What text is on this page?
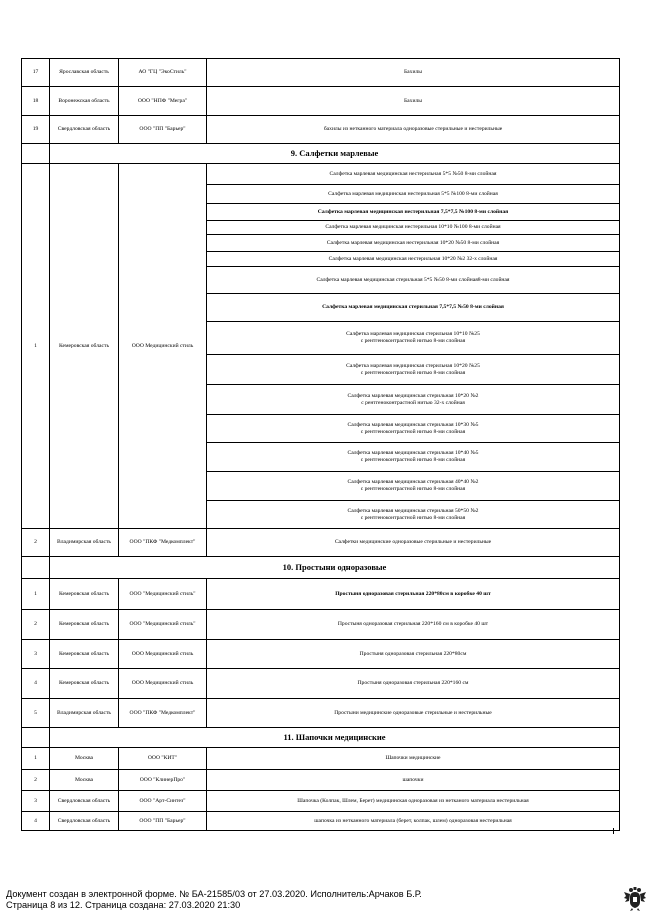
17	Ярославская область	АО "ГЦ "ЭкоСтиль"	Бахилы
18	Воронежская область	ООО "НПФ "Мегра"	Бахилы
19	Свердловская область	ООО "ПП "Барьер"	бахилы из нетканного материала одноразовые стерильные и нестерильные
	9. Салфетки марлевые		
1	Кемеровская область	ООО Медицинский стиль	Салфетка марлевая медицинская нестерильная 5*5 №50 8-ми слойная
			Салфетка марлевая медицинская нестерильная 5*5 №100 8-ми слойная
			Салфетка марлевая медицинская нестерильная 7,5*7,5 №100 8-ми слойная
			Салфетка марлевая медицинская нестерильная 10*10 №100 8-ми слойная
			Салфетка марлевая медицинская нестерильная 10*20 №50 8-ми слойная
			Салфетка марлевая медицинская нестерильная 10*20 №2 32-х слойная
			Салфетка марлевая медицинская стерильная 5*5 №50 8-ми слойная8-ми слойная
			Салфетка марлевая медицинская стерильная 7,5*7,5 №50 8-ми слойная
			Салфетка марлевая медицинская стерильная 10*10 №25
с рентгеноконтрастной нитью 8-ми слойная
			Салфетка марлевая медицинская стерильная 10*20 №25
с рентгеноконтрастной нитью 8-ми слойная
			Салфетка марлевая медицинская стерильная 10*20 №2
с рентгеноконтрастной нитью 32-х слойная
			Салфетка марлевая медицинская стерильная 10*30 №5
с рентгеноконтрастной нитью 8-ми слойная
			Салфетка марлевая медицинская стерильная 10*40 №5
с рентгеноконтрастной нитью 8-ми слойная
			Салфетка марлевая медицинская стерильная 40*40 №2
с рентгеноконтрастной нитью 8-ми слойная
			Салфетка марлевая медицинская стерильная 50*50 №2
с рентгеноконтрастной нитью 8-ми слойная
2	Владимирская область	ООО "ПКФ "Медкомплект"	Салфетки медицинские одноразовые стерильные и нестерильные
	10. Простыни одноразовые		
1	Кемеровская область	ООО "Медицинский стиль"	Простыня одноразовая стерильная 220*80см в коробке 40 шт
2	Кемеровская область	ООО "Медицинский стиль"	Простыня одноразовая стерильная 220*160 см в коробке 40 шт
3	Кемеровская область	ООО Медицинский стиль	Простыня одноразовая стерильная 220*80см
4	Кемеровская область	ООО Медицинский стиль	Простыня одноразовая стерильная 220*160 см
5	Владимирская область	ООО "ПКФ "Медкомплект"	Простыни медицинские одноразовые стерильные и нестерильные
	11. Шапочки медицинские		
1	Москва	ООО "КИТ"	Шапочки медицинские
2	Москва	ООО "КлинерПро"	шапочки
3	Свердловская область	ООО "Арт-Синтез"	Шапочка (Колпак, Шлем, Берет) медицинская одноразовая из нетканого материала нестерильная
4	Свердловская область	ООО "ПП "Барьер"	шапочка из нетканного материала (берет, колпак, шлем) одноразовая нестерильная
Документ создан в электронной форме. № БА-21585/03 от 27.03.2020. Исполнитель:Арчаков Б.Р.
Страница 8 из 12. Страница создана: 27.03.2020 21:30
